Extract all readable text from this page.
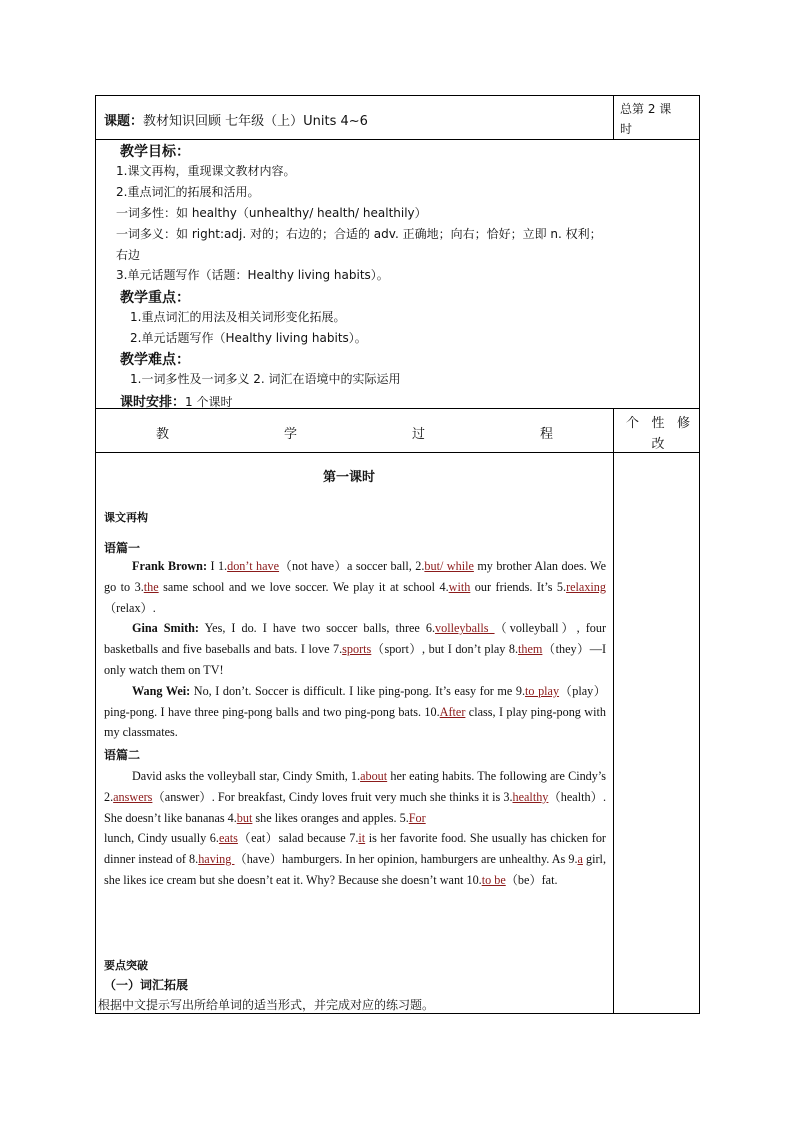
课题：教材知识回顾 七年级（上）Units 4~6
总第 2 课
时
教学目标：
1.课文再构，重现课文教材内容。
2.重点词汇的拓展和活用。
一词多性：如 healthy（unhealthy/ health/ healthily）
一词多义：如 right:adj. 对的；右边的；合适的 adv. 正确地；向右；恰好；立即 n. 权利；
右边
3.单元话题写作（话题：Healthy living habits）。
教学重点：
1.重点词汇的用法及相关词形变化拓展。
2.单元话题写作（Healthy living habits）。
教学难点：
1.一词多性及一词多义 2. 词汇在语境中的实际运用
课时安排：1 个课时
教	学	过	程
个 性 修
改
第一课时
课文再构
语篇一

Frank Brown: I 1.don’t have（not have）a soccer ball, 2.but/ while my brother Alan does. We go to 3.the same school and we love soccer. We play it at school 4.with our friends. It’s 5.relaxing（relax）.

Gina Smith: Yes, I do. I have two soccer balls, three 6.volleyballs （volleyball）, four basketballs and five baseballs and bats. I love 7.sports（sport）, but I don’t play 8.them（they）—I only watch them on TV!

Wang Wei: No, I don’t. Soccer is difficult. I like ping-pong. It’s easy for me 9.to play（play）ping-pong. I have three ping-pong balls and two ping-pong bats. 10.After class, I play ping-pong with my classmates.

语篇二

David asks the volleyball star, Cindy Smith, 1.about her eating habits. The following are Cindy’s 2.answers（answer）. For breakfast, Cindy loves fruit very much she thinks it is 3.healthy（health）. She doesn’t like bananas 4.but she likes oranges and apples. 5.For

lunch, Cindy usually 6.eats（eat）salad because 7.it is her favorite food. She usually has chicken for dinner instead of 8.having （have）hamburgers. In her opinion, hamburgers are unhealthy. As 9.a girl, she likes ice cream but she doesn’t eat it. Why? Because she doesn’t want 10.to be（be）fat.

要点突破
（一）词汇拓展
根据中文提示写出所给单词的适当形式，并完成对应的练习题。
